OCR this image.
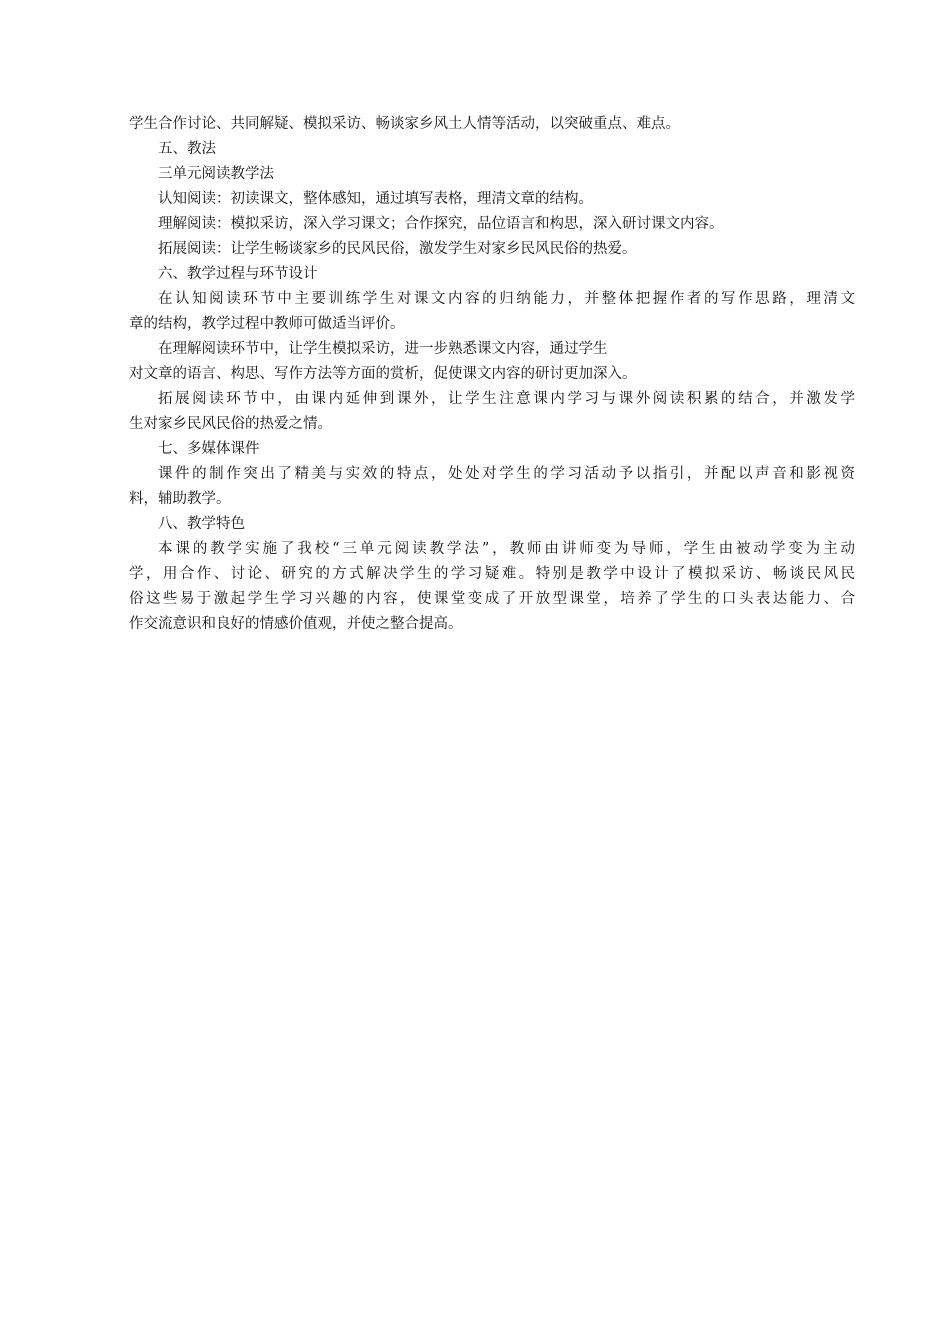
学生合作讨论、共同解疑、模拟采访、畅谈家乡风土人情等活动，以突破重点、难点。
五、教法
三单元阅读教学法
认知阅读：初读课文，整体感知，通过填写表格，理清文章的结构。
理解阅读：模拟采访，深入学习课文；合作探究，品位语言和构思，深入研讨课文内容。
拓展阅读：让学生畅谈家乡的民风民俗，激发学生对家乡民风民俗的热爱。
六、教学过程与环节设计
在认知阅读环节中主要训练学生对课文内容的归纳能力，并整体把握作者的写作思路，理清文
章的结构，教学过程中教师可做适当评价。
在理解阅读环节中，让学生模拟采访，进一步熟悉课文内容，通过学生
对文章的语言、构思、写作方法等方面的赏析，促使课文内容的研讨更加深入。
拓展阅读环节中，由课内延伸到课外，让学生注意课内学习与课外阅读积累的结合，并激发学
生对家乡民风民俗的热爱之情。
七、多媒体课件
课件的制作突出了精美与实效的特点，处处对学生的学习活动予以指引，并配以声音和影视资
料，辅助教学。
八、教学特色
本课的教学实施了我校“三单元阅读教学法”，教师由讲师变为导师，学生由被动学变为主动
学，用合作、讨论、研究的方式解决学生的学习疑难。特别是教学中设计了模拟采访、畅谈民风民
俗这些易于激起学生学习兴趣的内容，使课堂变成了开放型课堂，培养了学生的口头表达能力、合
作交流意识和良好的情感价值观，并使之整合提高。
